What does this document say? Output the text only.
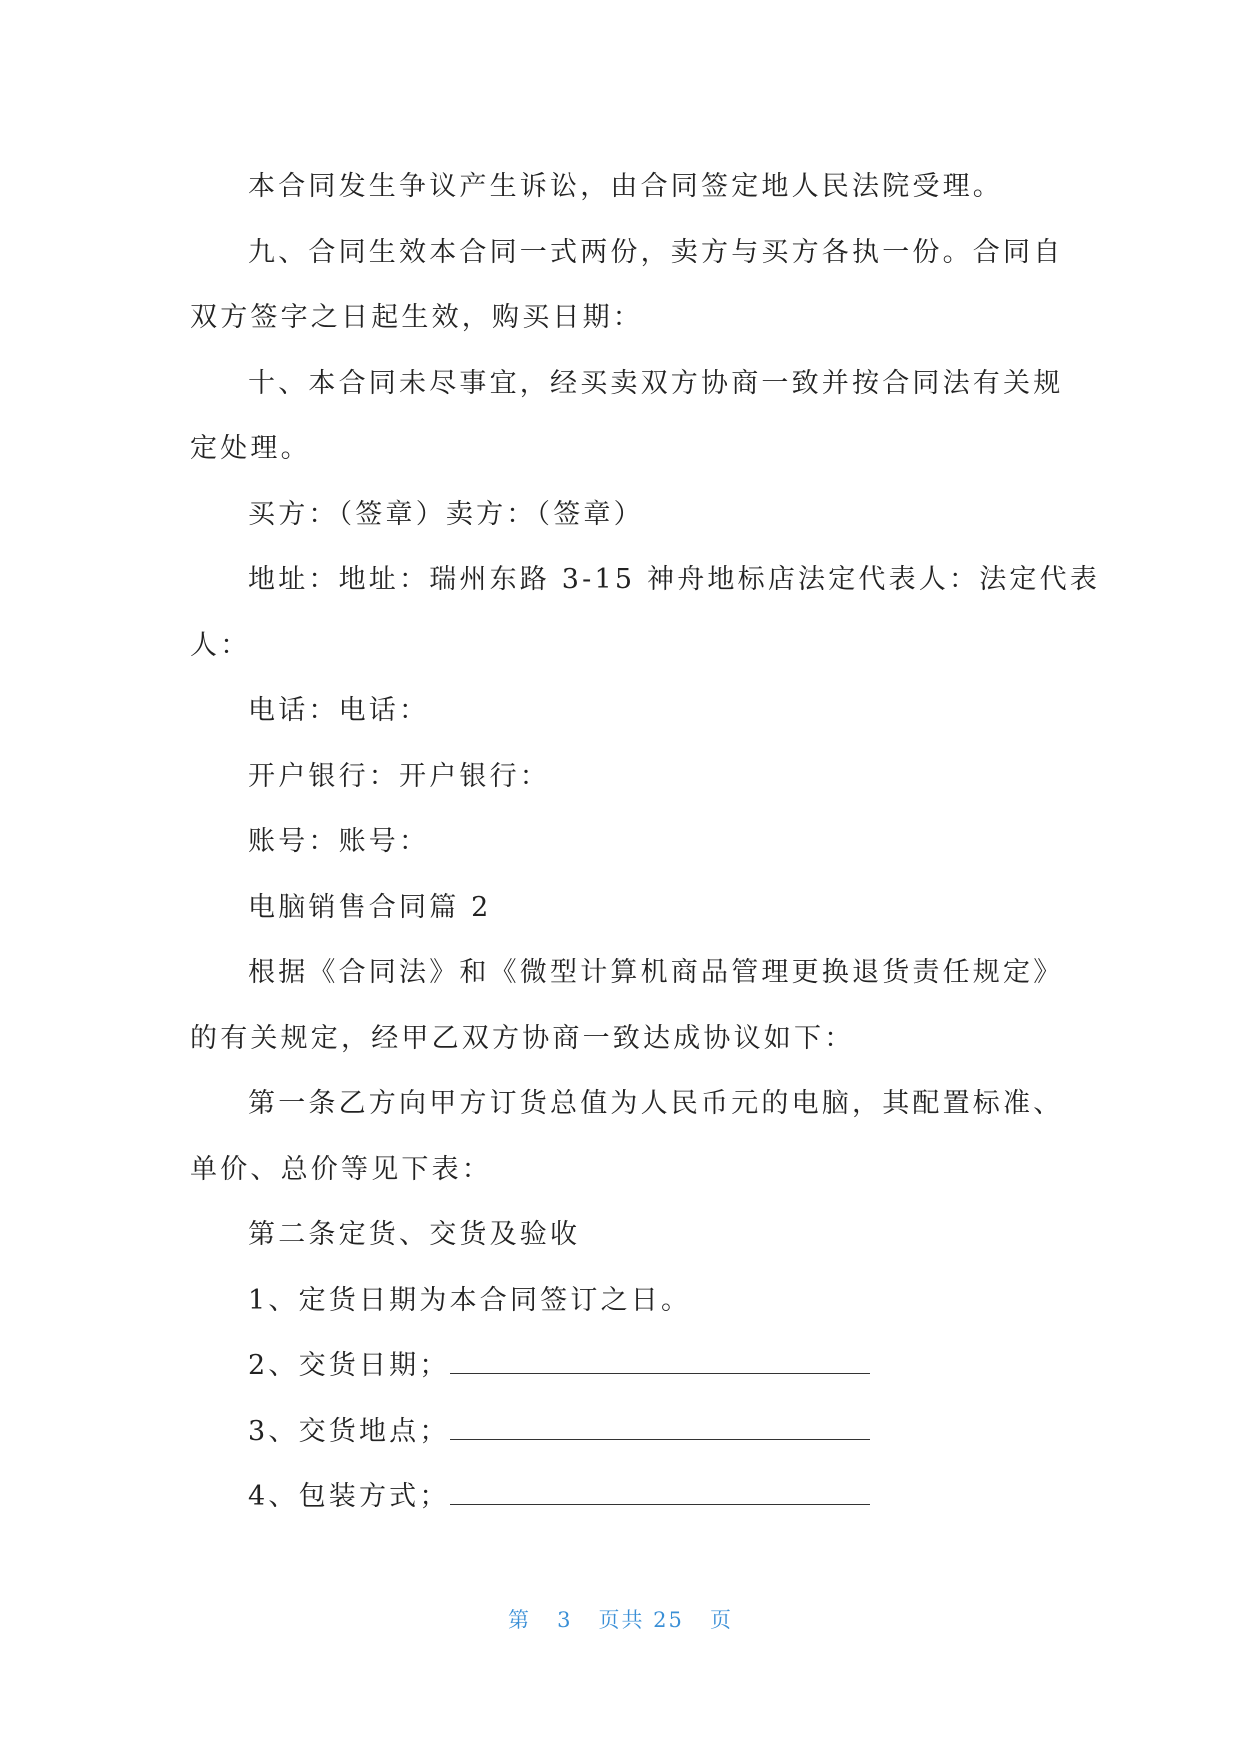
本合同发生争议产生诉讼，由合同签定地人民法院受理。
九、合同生效本合同一式两份，卖方与买方各执一份。合同自
双方签字之日起生效，购买日期：
十、本合同未尽事宜，经买卖双方协商一致并按合同法有关规
定处理。
买方：（签章）卖方：（签章）
地址：地址：瑞州东路 3-15 神舟地标店法定代表人：法定代表
人：
电话：电话：
开户银行：开户银行：
账号：账号：
电脑销售合同篇 2
根据《合同法》和《微型计算机商品管理更换退货责任规定》
的有关规定，经甲乙双方协商一致达成协议如下：
第一条乙方向甲方订货总值为人民币元的电脑，其配置标准、
单价、总价等见下表：
第二条定货、交货及验收
1、定货日期为本合同签订之日。
2、交货日期；
3、交货地点；
4、包装方式；
第 3 页共 25 页
